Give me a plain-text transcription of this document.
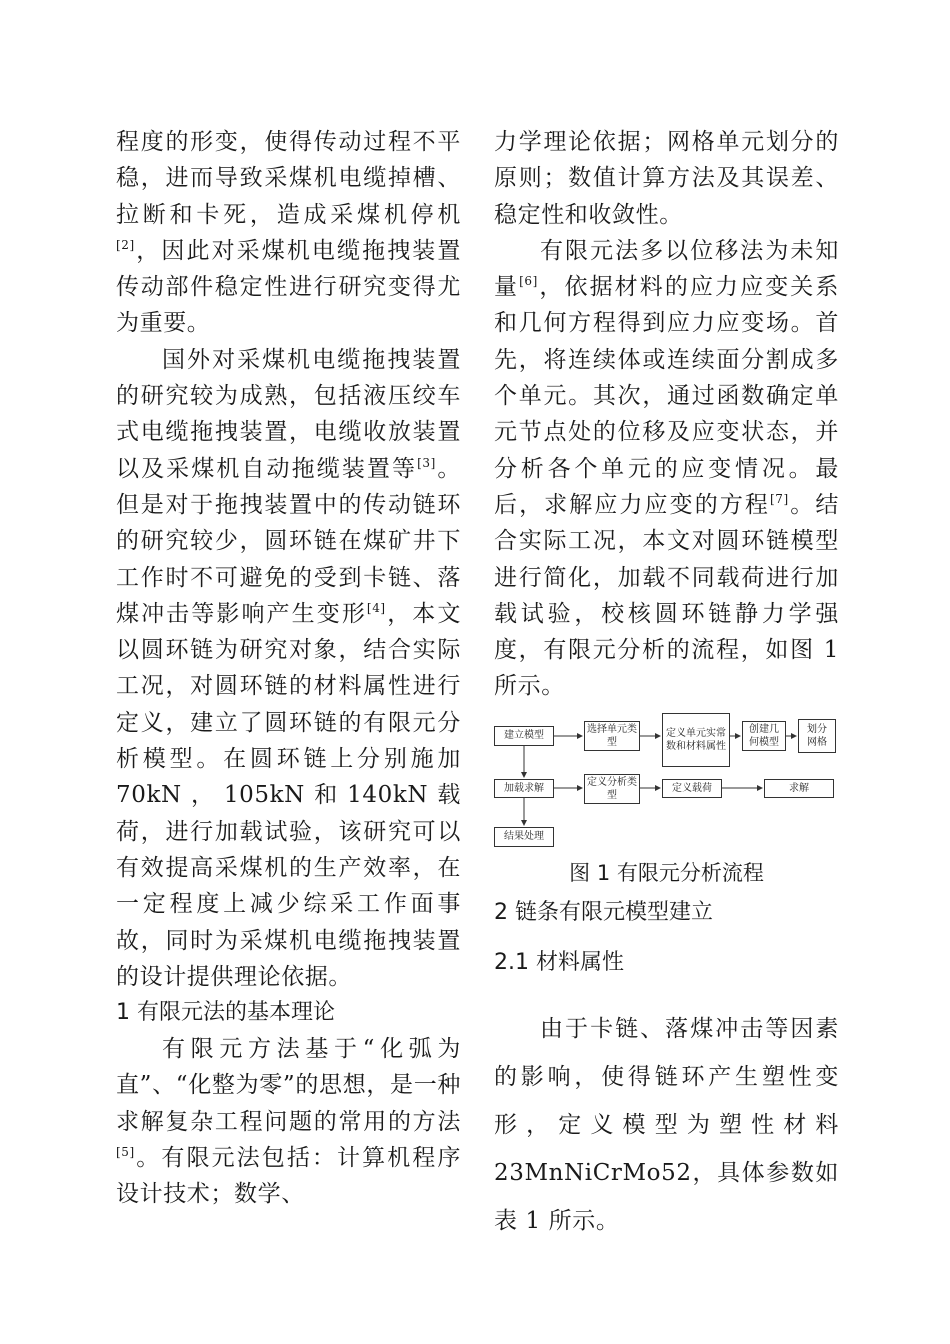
程度的形变，使得传动过程不平稳，进而导致采煤机电缆掉槽、拉断和卡死，造成采煤机停机[2]，因此对采煤机电缆拖拽装置传动部件稳定性进行研究变得尤为重要。

国外对采煤机电缆拖拽装置的研究较为成熟，包括液压绞车式电缆拖拽装置，电缆收放装置以及采煤机自动拖缆装置等[3]。但是对于拖拽装置中的传动链环的研究较少，圆环链在煤矿井下工作时不可避免的受到卡链、落煤冲击等影响产生变形[4]，本文以圆环链为研究对象，结合实际工况，对圆环链的材料属性进行定义，建立了圆环链的有限元分析模型。在圆环链上分别施加70kN，105kN和140kN载荷，进行加载试验，该研究可以有效提高采煤机的生产效率，在一定程度上减少综采工作面事故，同时为采煤机电缆拖拽装置的设计提供理论依据。

1 有限元法的基本理论

有限元方法基于“化弧为直”、“化整为零”的思想，是一种求解复杂工程问题的常用的方法[5]。有限元法包括：计算机程序设计技术；数学、

力学理论依据；网格单元划分的原则；数值计算方法及其误差、稳定性和收敛性。

有限元法多以位移法为未知量[6]，依据材料的应力应变关系和几何方程得到应力应变场。首先，将连续体或连续面分割成多个单元。其次，通过函数确定单元节点处的位移及应变状态，并分析各个单元的应变情况。最后，求解应力应变的方程[7]。结合实际工况，本文对圆环链模型进行简化，加载不同载荷进行加载试验，校核圆环链静力学强度，有限元分析的流程，如图 1 所示。

建立模型
选择单元类型
定义单元实常数和材料属性
创建几何模型
划分网格
加载求解
定义分析类型
定义载荷	求解
结果处理
图 1 有限元分析流程
2 链条有限元模型建立
2.1 材料属性

由于卡链、落煤冲击等因素的影响，使得链环产生塑性变形，定义模型为塑性材料23MnNiCrMo52，具体参数如表 1 所示。
